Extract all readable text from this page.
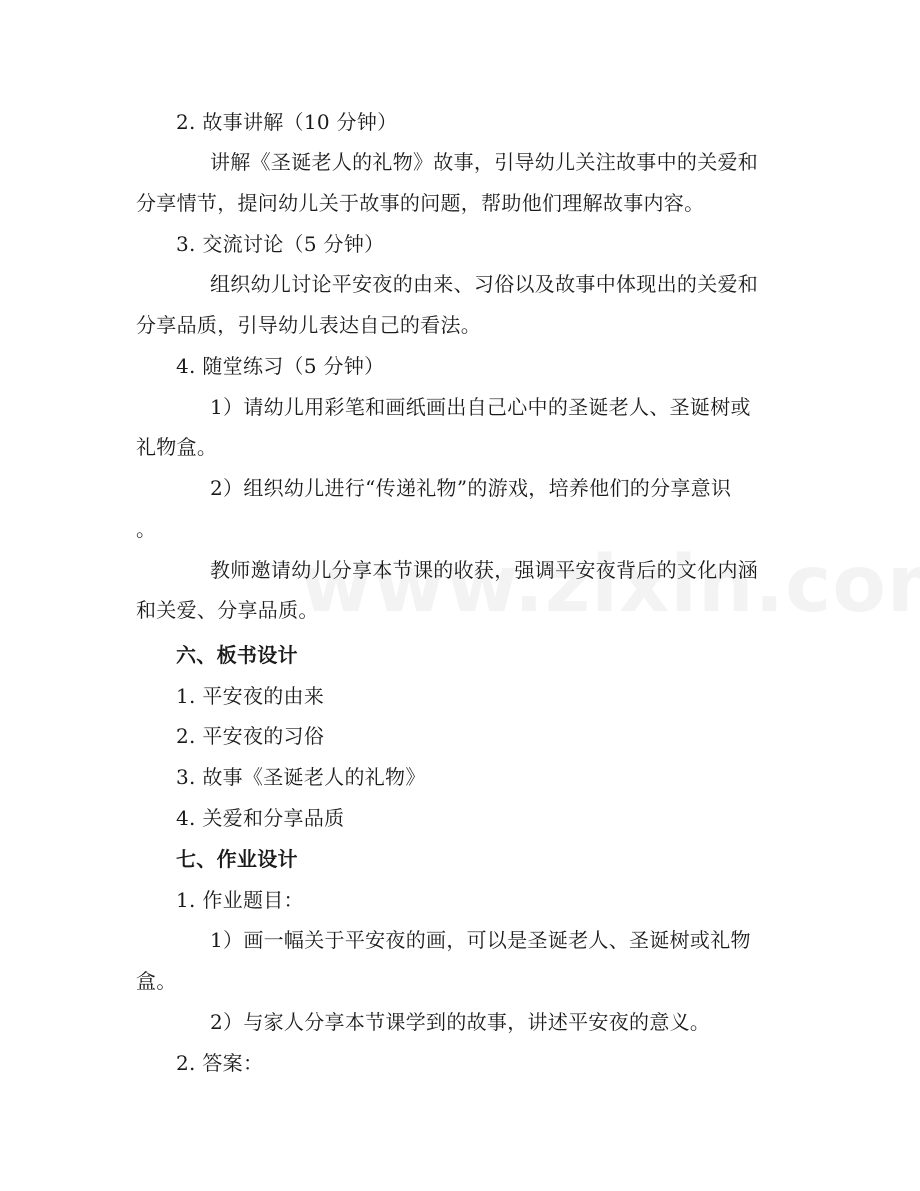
2. 故事讲解（10 分钟）
讲解《圣诞老人的礼物》故事，引导幼儿关注故事中的关爱和
分享情节，提问幼儿关于故事的问题，帮助他们理解故事内容。
3. 交流讨论（5 分钟）
组织幼儿讨论平安夜的由来、习俗以及故事中体现出的关爱和
分享品质，引导幼儿表达自己的看法。
4. 随堂练习（5 分钟）
1）请幼儿用彩笔和画纸画出自己心中的圣诞老人、圣诞树或
礼物盒。
2）组织幼儿进行“传递礼物”的游戏，培养他们的分享意识
。
教师邀请幼儿分享本节课的收获，强调平安夜背后的文化内涵
和关爱、分享品质。
六、板书设计
1. 平安夜的由来
2. 平安夜的习俗
3. 故事《圣诞老人的礼物》
4. 关爱和分享品质
七、作业设计
1. 作业题目：
1）画一幅关于平安夜的画，可以是圣诞老人、圣诞树或礼物
盒。
2）与家人分享本节课学到的故事，讲述平安夜的意义。
2. 答案：
